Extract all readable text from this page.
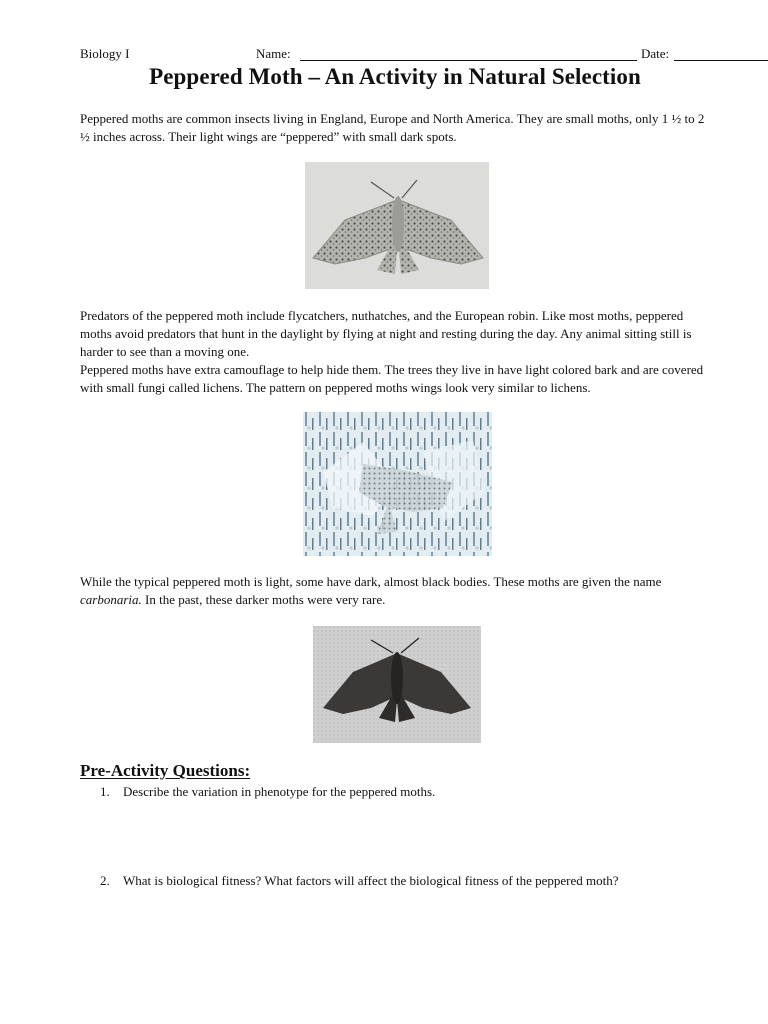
Biology I	Name:	Date:
Peppered Moth – An Activity in Natural Selection

Peppered moths are common insects living in England, Europe and North America. They are small moths, only 1 ½ to 2 ½ inches across. Their light wings are “peppered” with small dark spots.

Predators of the peppered moth include flycatchers, nuthatches, and the European robin. Like most moths, peppered moths avoid predators that hunt in the daylight by flying at night and resting during the day. Any animal sitting still is harder to see than a moving one.

Peppered moths have extra camouflage to help hide them. The trees they live in have light colored bark and are covered with small fungi called lichens. The pattern on peppered moths wings look very similar to lichens.

While the typical peppered moth is light, some have dark, almost black bodies. These moths are given the name carbonaria. In the past, these darker moths were very rare.

Pre-Activity Questions:
1. Describe the variation in phenotype for the peppered moths.
2. What is biological fitness? What factors will affect the biological fitness of the peppered moth?
